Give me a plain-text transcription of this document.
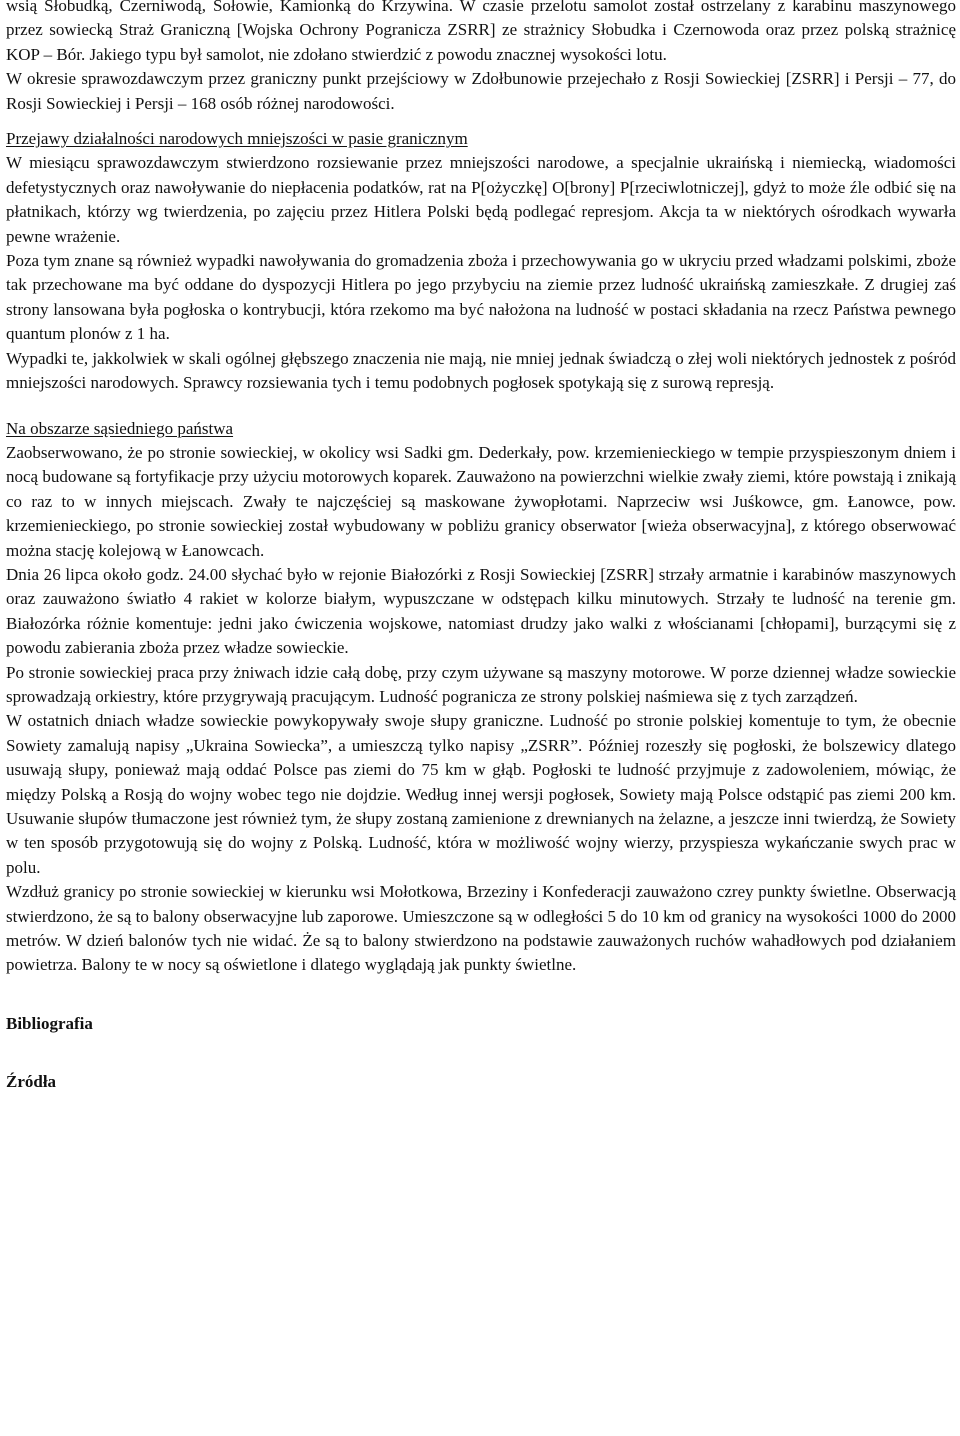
wsią Słobudką, Czerniwodą, Sołowie, Kamionką do Krzywina. W czasie przelotu samolot został ostrzelany z karabinu maszynowego przez sowiecką Straż Graniczną [Wojska Ochrony Pogranicza ZSRR] ze strażnicy Słobudka i Czernowoda oraz przez polską strażnicę KOP – Bór. Jakiego typu był samolot, nie zdołano stwierdzić z powodu znacznej wysokości lotu.

W okresie sprawozdawczym przez graniczny punkt przejściowy w Zdołbunowie przejechało z Rosji Sowieckiej [ZSRR] i Persji – 77, do Rosji Sowieckiej i Persji – 168 osób różnej narodowości.

Przejawy działalności narodowych mniejszości w pasie granicznym

W miesiącu sprawozdawczym stwierdzono rozsiewanie przez mniejszości narodowe, a specjalnie ukraińską i niemiecką, wiadomości defetystycznych oraz nawoływanie do niepłacenia podatków, rat na P[ożyczkę] O[brony] P[rzeciwlotniczej], gdyż to może źle odbić się na płatnikach, którzy wg twierdzenia, po zajęciu przez Hitlera Polski będą podlegać represjom. Akcja ta w niektórych ośrodkach wywarła pewne wrażenie.

Poza tym znane są również wypadki nawoływania do gromadzenia zboża i przechowywania go w ukryciu przed władzami polskimi, zboże tak przechowane ma być oddane do dyspozycji Hitlera po jego przybyciu na ziemie przez ludność ukraińską zamieszkałe. Z drugiej zaś strony lansowana była pogłoska o kontrybucji, która rzekomo ma być nałożona na ludność w postaci składania na rzecz Państwa pewnego quantum plonów z 1 ha.

Wypadki te, jakkolwiek w skali ogólnej głębszego znaczenia nie mają, nie mniej jednak świadczą o złej woli niektórych jednostek z pośród mniejszości narodowych. Sprawcy rozsiewania tych i temu podobnych pogłosek spotykają się z surową represją.

Na obszarze sąsiedniego państwa

Zaobserwowano, że po stronie sowieckiej, w okolicy wsi Sadki gm. Dederkały, pow. krzemienieckiego w tempie przyspieszonym dniem i nocą budowane są fortyfikacje przy użyciu motorowych koparek. Zauważono na powierzchni wielkie zwały ziemi, które powstają i znikają co raz to w innych miejscach. Zwały te najczęściej są maskowane żywopłotami. Naprzeciw wsi Juśkowce, gm. Łanowce, pow. krzemienieckiego, po stronie sowieckiej został wybudowany w pobliżu granicy obserwator [wieża obserwacyjna], z którego obserwować można stację kolejową w Łanowcach.

Dnia 26 lipca około godz. 24.00 słychać było w rejonie Białozórki z Rosji Sowieckiej [ZSRR] strzały armatnie i karabinów maszynowych oraz zauważono światło 4 rakiet w kolorze białym, wypuszczane w odstępach kilku minutowych. Strzały te ludność na terenie gm. Białozórka różnie komentuje: jedni jako ćwiczenia wojskowe, natomiast drudzy jako walki z włościanami [chłopami], burzącymi się z powodu zabierania zboża przez władze sowieckie.

Po stronie sowieckiej praca przy żniwach idzie całą dobę, przy czym używane są maszyny motorowe. W porze dziennej władze sowieckie sprowadzają orkiestry, które przygrywają pracującym. Ludność pogranicza ze strony polskiej naśmiewa się z tych zarządzeń.

W ostatnich dniach władze sowieckie powykopywały swoje słupy graniczne. Ludność po stronie polskiej komentuje to tym, że obecnie Sowiety zamalują napisy „Ukraina Sowiecka”, a umieszczą tylko napisy „ZSRR”. Później rozeszły się pogłoski, że bolszewicy dlatego usuwają słupy, ponieważ mają oddać Polsce pas ziemi do 75 km w głąb. Pogłoski te ludność przyjmuje z zadowoleniem, mówiąc, że między Polską a Rosją do wojny wobec tego nie dojdzie. Według innej wersji pogłosek, Sowiety mają Polsce odstąpić pas ziemi 200 km. Usuwanie słupów tłumaczone jest również tym, że słupy zostaną zamienione z drewnianych na żelazne, a jeszcze inni twierdzą, że Sowiety w ten sposób przygotowują się do wojny z Polską. Ludność, która w możliwość wojny wierzy, przyspiesza wykańczanie swych prac w polu.

Wzdłuż granicy po stronie sowieckiej w kierunku wsi Mołotkowa, Brzeziny i Konfederacji zauważono czrey punkty świetlne. Obserwacją stwierdzono, że są to balony obserwacyjne lub zaporowe. Umieszczone są w odległości 5 do 10 km od granicy na wysokości 1000 do 2000 metrów. W dzień balonów tych nie widać. Że są to balony stwierdzono na podstawie zauważonych ruchów wahadłowych pod działaniem powietrza. Balony te w nocy są oświetlone i dlatego wyglądają jak punkty świetlne.

Bibliografia

Źródła
